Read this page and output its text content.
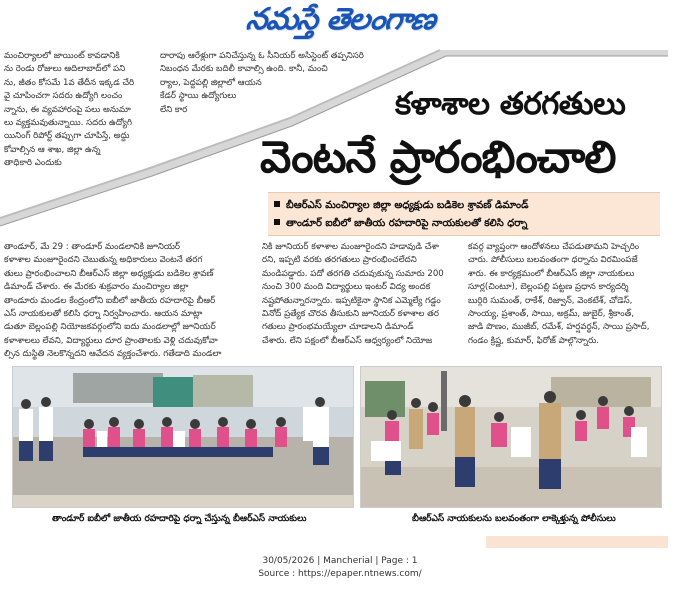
నమస్తే తెలంగాణ
మంచిర్యాలలో జాయింట్ కావడానికి
ను రెండు రోజులు ఆదిలాబాద్‌లో పని
ను, జీతం కోసమే 1వ తేదీన ఇక్కడ చేరి
వై చూపించగా సదరు ఉద్యోగి లంచం
న్నాను, ఈ వ్యవహారంపై పలు అనుమా
లు వ్యక్తమవుతున్నాయి. సదరు ఉద్యోగి
యినింగ్ రిపోర్ట్ తప్పుగా చూపిస్తే, అద్దు
కోవాల్సిన ఆ శాఖ, జిల్లా ఉన్న
తాధికారి ఎందుకు
దారాపు ఆరేళ్లుగా పనిచేస్తున్న ఓ సీనియర్ అసిస్టెంట్ తప్పనిసరి
నిబంధన మేరకు బదిలీ కావాల్సి ఉంది. కానీ, మంచి
ర్యాల, పెద్దపల్లి జిల్లాలో ఆయన
కేడర్ స్థాయి ఉద్యోగులు
లేని కార	కళాశాల తరగతులు
వెంటనే ప్రారంభించాలి
బీఆర్‌ఎస్ మంచిర్యాల జిల్లా అధ్యక్షుడు బడికెల శ్రావణ్ డిమాండ్
తాండూర్ ఐబీలో జాతీయ రహదారిపై నాయకులతో కలిసి ధర్నా
తాండూర్, మే 29 : తాండూర్ మండలానికి జూనియర్
కళాశాల మంజూరైందని చెబుతున్న అధికారులు వెంటనే తరగ
తులు ప్రారంభించాలని బీఆర్‌ఎస్ జిల్లా అధ్యక్షుడు బడికెల శ్రావణ్
డిమాండ్ చేశారు. ఈ మేరకు శుక్రవారం మంచిర్యాల జిల్లా
తాండూరు మండల కేంద్రంలోని ఐబీలో జాతీయ రహదారిపై బీఆర్
ఎస్ నాయకులతో కలిసి ధర్నా నిర్వహించారు. ఆయన మాట్లా
డుతూ బెల్లంపల్లి నియోజకవర్గంలోని ఐదు మండలాల్లో జూనియర్
కళాశాలలు లేవని, విద్యార్థులు దూర ప్రాంతాలకు వెళ్లి చదువుకోవా
ల్సిన దుస్థితి నెలకొన్నదని ఆవేదన వ్యక్తంచేశారు. గతేడాది మండలా
నికి జూనియర్ కళాశాల మంజూరైందని హడావుడి చేశా
రని, ఇప్పటి వరకు తరగతులు ప్రారంభించలేదని
మండిపడ్డారు. పదో తరగతి చదువుకున్న సుమారు 200
నుంచి 300 మంది విద్యార్థులు ఇంటర్ విద్య అందక
నష్టపోతున్నారన్నారు. ఇప్పటికైనా స్థానిక ఎమ్మెల్యే గడ్డం
వినోద్ ప్రత్యేక చొరవ తీసుకుని జూనియర్ కళాశాల తర
గతులు ప్రారంభమయ్యేలా చూడాలని డిమాండ్
చేశారు. లేని పక్షంలో బీఆర్‌ఎస్ ఆధ్వర్యంలో నియోజ
కవర్గ వ్యాప్తంగా ఆందోళనలు చేపడుతామని హెచ్చరిం
చారు. పోలీసులు బలవంతంగా ధర్నాను విరమింపజే
శారు. ఈ కార్యక్రమంలో బీఆర్‌ఎస్ జిల్లా నాయకులు
సూర్ల(చింటూ), బెల్లంపల్లి పట్టణ ప్రధాన కార్యదర్శి
బుర్గిరి సుమంత్, రాకేశ్, రిజ్వాన్, వెంకటేశ్, చోడెస్,
సాంయ్య, ప్రశాంత్, సాయి, అక్రమ్, జుబైర్, శ్రీకాంత్,
జాడి పొణం, ముజీబ్, రమేశ్, హర్షవర్ధన్, సాయి ప్రసాద్,
గండం క్రిష్ణ, కుమార్, ఫిరోజ్ పాల్గొన్నారు.
తాండూర్ ఐబీలో జాతీయ రహదారిపై ధర్నా చేస్తున్న బీఆర్‌ఎస్ నాయకులు	బీఆర్‌ఎస్ నాయకులను బలవంతంగా లాక్కెళ్తున్న పోలీసులు
30/05/2026 | Mancherial | Page : 1
Source : https://epaper.ntnews.com/
